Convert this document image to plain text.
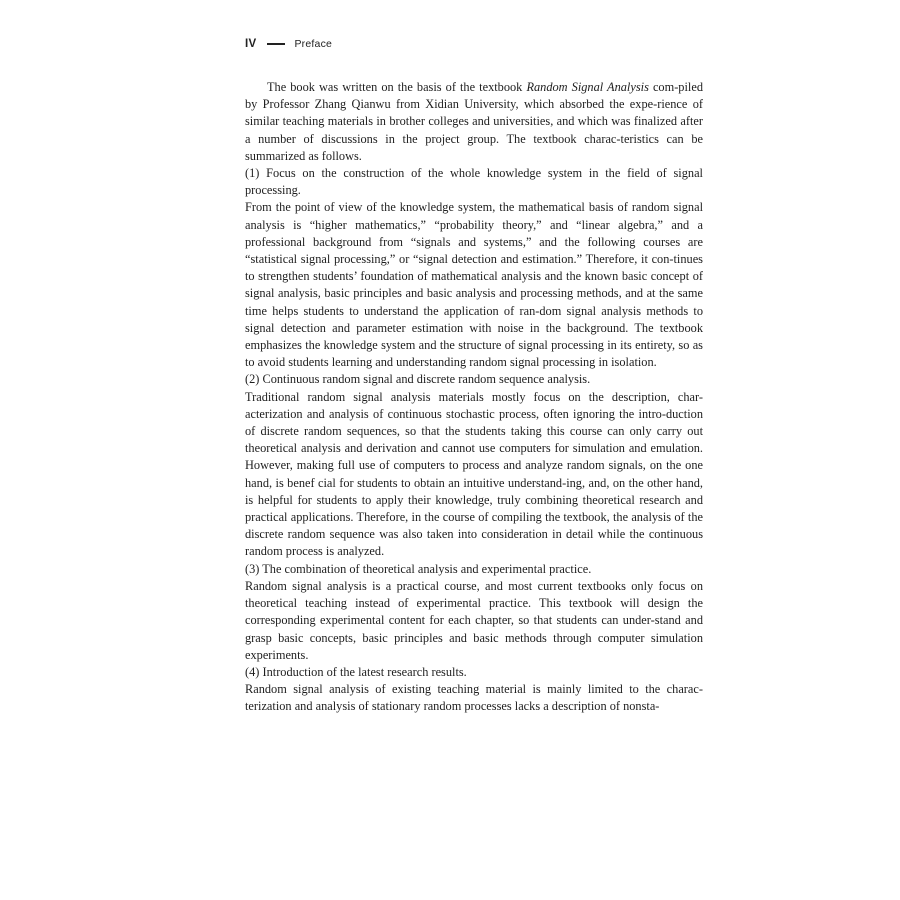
IV	Preface

The book was written on the basis of the textbook Random Signal Analysis com-piled by Professor Zhang Qianwu from Xidian University, which absorbed the expe-rience of similar teaching materials in brother colleges and universities, and which was finalized after a number of discussions in the project group. The textbook charac-teristics can be summarized as follows.

(1) Focus on the construction of the whole knowledge system in the field of signal processing.
From the point of view of the knowledge system, the mathematical basis of random signal analysis is “higher mathematics,” “probability theory,” and “linear algebra,” and a professional background from “signals and systems,” and the following courses are “statistical signal processing,” or “signal detection and estimation.” Therefore, it con-tinues to strengthen students’ foundation of mathematical analysis and the known basic concept of signal analysis, basic principles and basic analysis and processing methods, and at the same time helps students to understand the application of ran-dom signal analysis methods to signal detection and parameter estimation with noise in the background. The textbook emphasizes the knowledge system and the structure of signal processing in its entirety, so as to avoid students learning and understanding random signal processing in isolation.

(2) Continuous random signal and discrete random sequence analysis.
Traditional random signal analysis materials mostly focus on the description, char-acterization and analysis of continuous stochastic process, often ignoring the intro-duction of discrete random sequences, so that the students taking this course can only carry out theoretical analysis and derivation and cannot use computers for simulation and emulation. However, making full use of computers to process and analyze random signals, on the one hand, is benef cial for students to obtain an intuitive understand-ing, and, on the other hand, is helpful for students to apply their knowledge, truly combining theoretical research and practical applications. Therefore, in the course of compiling the textbook, the analysis of the discrete random sequence was also taken into consideration in detail while the continuous random process is analyzed.

(3) The combination of theoretical analysis and experimental practice.
Random signal analysis is a practical course, and most current textbooks only focus on theoretical teaching instead of experimental practice. This textbook will design the corresponding experimental content for each chapter, so that students can under-stand and grasp basic concepts, basic principles and basic methods through computer simulation experiments.

(4) Introduction of the latest research results.
Random signal analysis of existing teaching material is mainly limited to the charac-terization and analysis of stationary random processes lacks a description of nonsta-
